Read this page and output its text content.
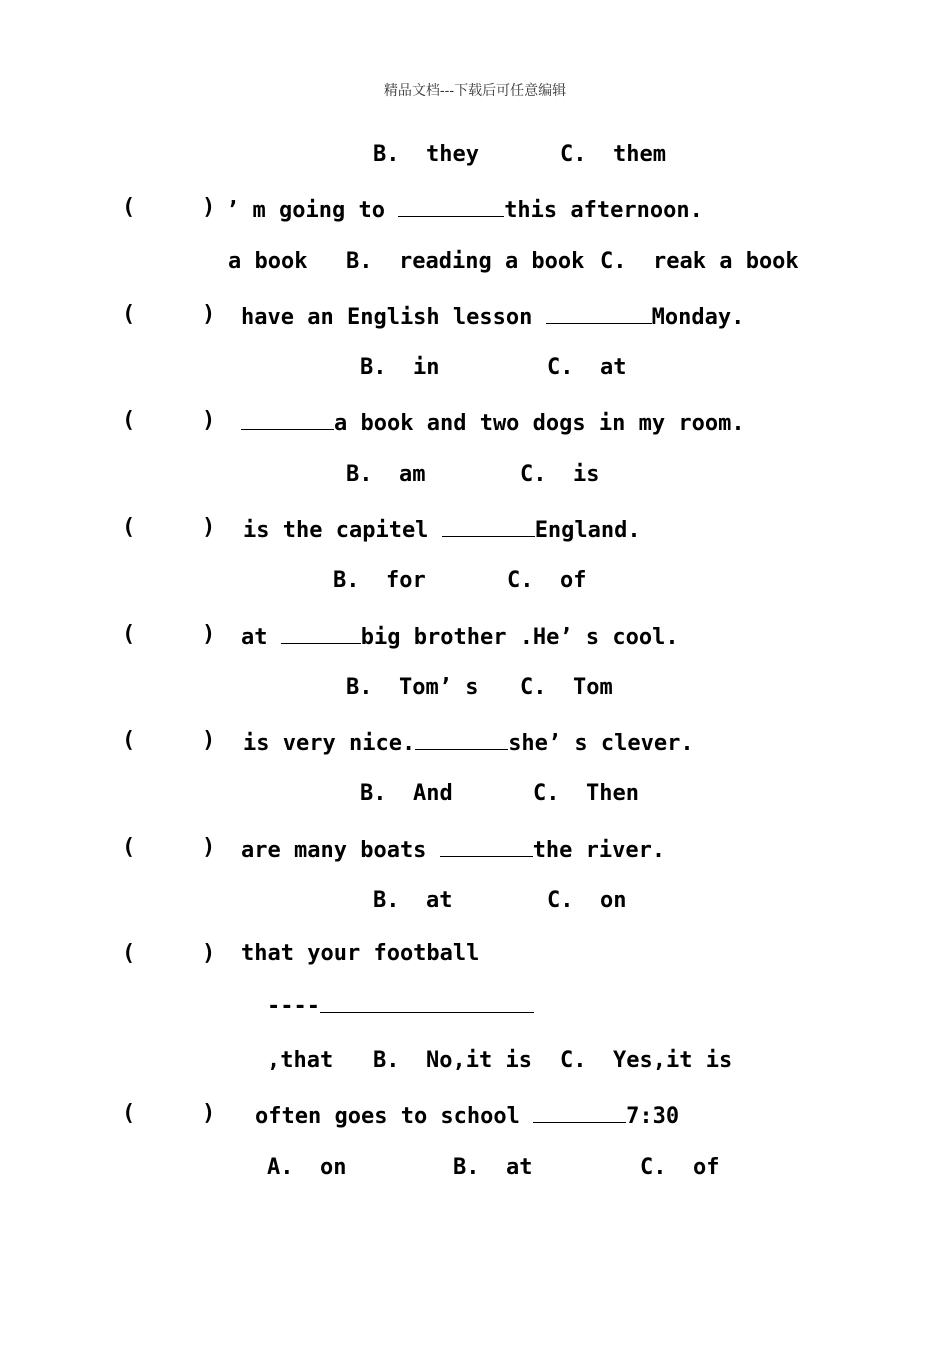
精品文档---下载后可任意编辑
B.  they	C.  them
(	) ’ m going to	this afternoon.
a book B.  reading a book C.  reak a book
(	) have an English lesson	Monday.
B.  in	C.  at
(	)	a book and two dogs in my room.
B.  am	C.  is
(	) is the capitel	England.
B.  for	C.  of
(	) at	big brother .He’ s cool.
B.  Tom’ s C.  Tom
(	) is very nice.	she’ s clever.
B.  And	C.  Then
(	) are many boats	the river.
B.  at	C.  on
(	) that your football
----
,that B.  No,it is C.  Yes,it is
(	) often goes to school	7:30
A.  on	B.  at	C.  of
